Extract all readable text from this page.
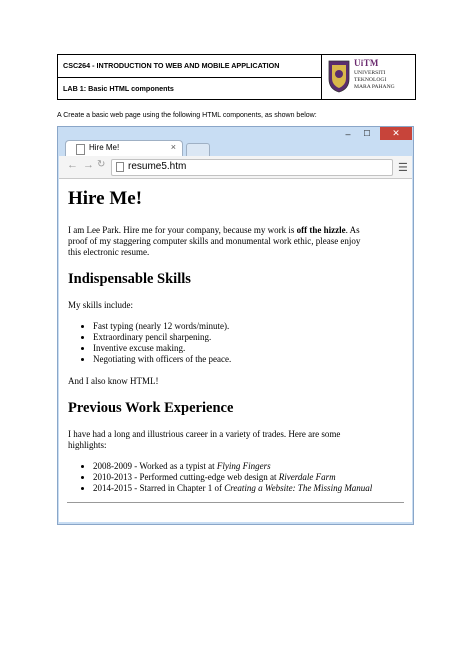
CSC264 - INTRODUCTION TO WEB AND MOBILE APPLICATION
LAB 1: Basic HTML components
UiTM
UNIVERSITI
TEKNOLOGI
MARA PAHANG
A Create a basic web page using the following HTML components, as shown below:
–	☐	✕
Hire Me!	×
← → ↻ resume5.htm	☰
Hire Me!
I am Lee Park. Hire me for your company, because my work is off the hizzle. As
proof of my staggering computer skills and monumental work ethic, please enjoy
this electronic resume.
Indispensable Skills
My skills include:
• Fast typing (nearly 12 words/minute).
• Extraordinary pencil sharpening.
• Inventive excuse making.
• Negotiating with officers of the peace.
And I also know HTML!
Previous Work Experience
I have had a long and illustrious career in a variety of trades. Here are some
highlights:
• 2008-2009 - Worked as a typist at Flying Fingers
• 2010-2013 - Performed cutting-edge web design at Riverdale Farm
• 2014-2015 - Starred in Chapter 1 of Creating a Website: The Missing Manual
